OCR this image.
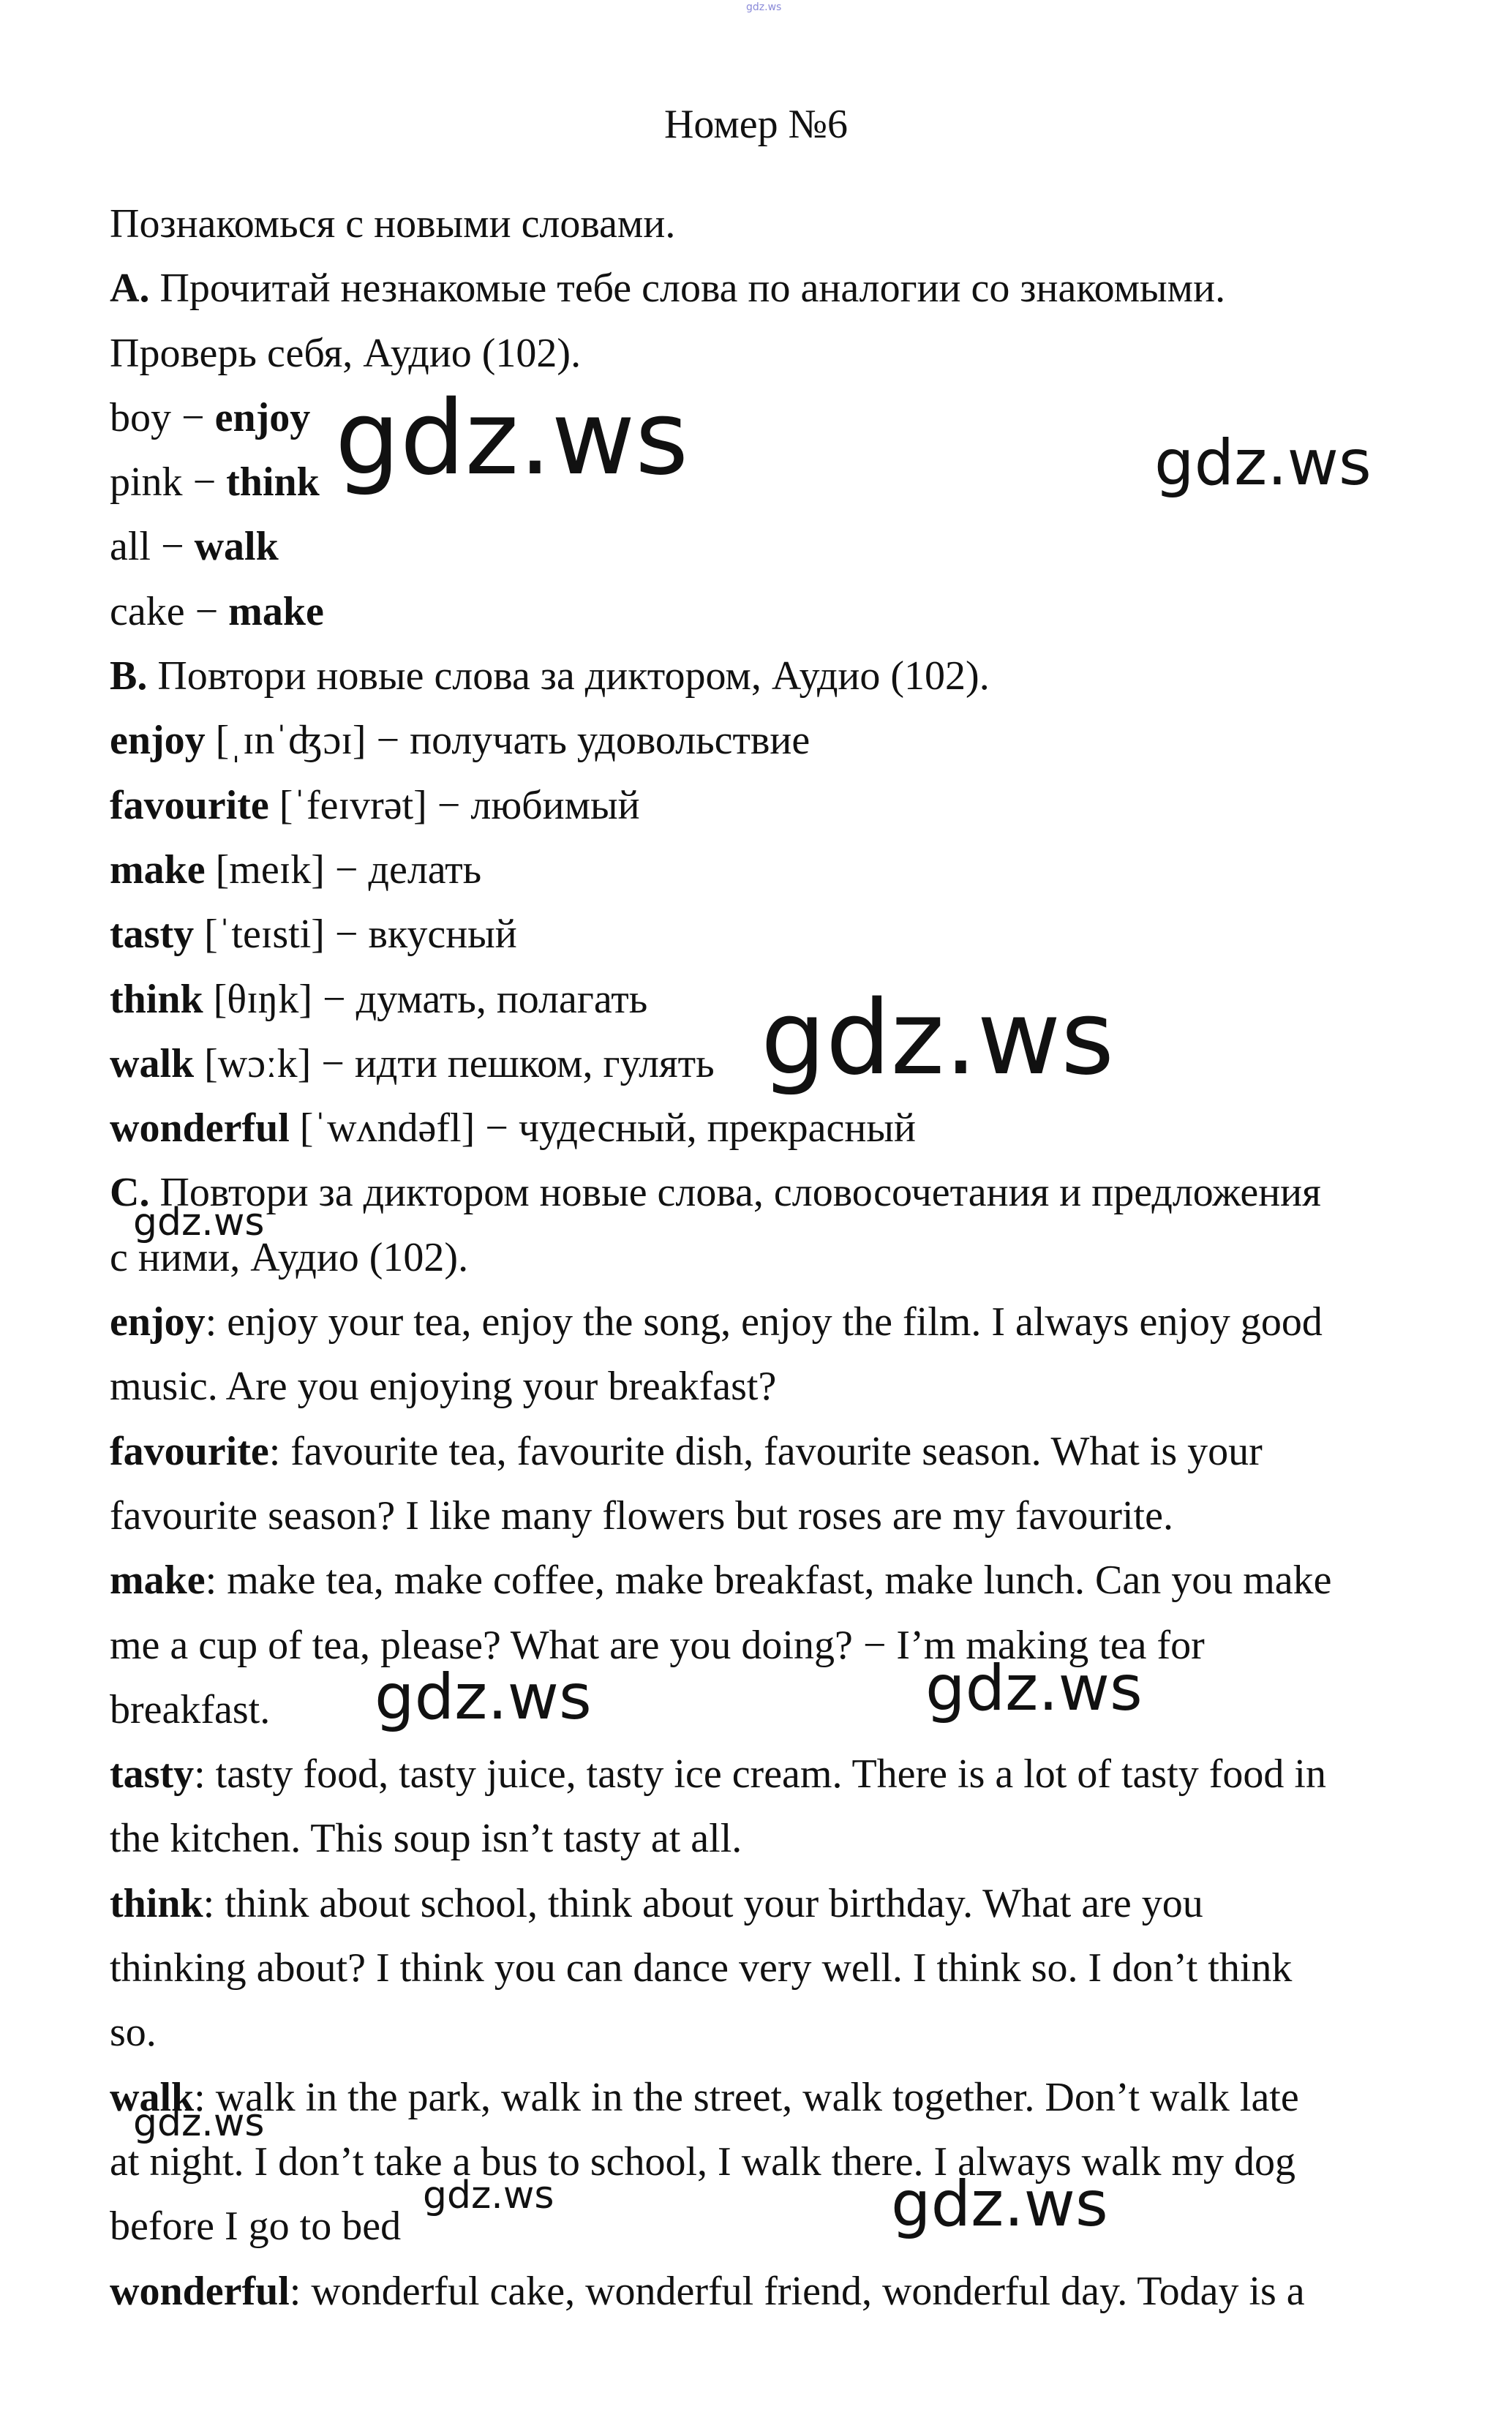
gdz.ws
Номер №6
Познакомься с новыми словами.
A. Прочитай незнакомые тебе слова по аналогии со знакомыми.
Проверь себя, Аудио (102).
boy − enjoy
pink − think
all − walk
cake − make
B. Повтори новые слова за диктором, Аудио (102).
enjoy [ˌɪnˈʤɔɪ] − получать удовольствие
favourite [ˈfeɪvrət] − любимый
make [meɪk] − делать
tasty [ˈteɪsti] − вкусный
think [θɪŋk] − думать, полагать
walk [wɔːk] − идти пешком, гулять
wonderful [ˈwʌndəfl] − чудесный, прекрасный
C. Повтори за диктором новые слова, словосочетания и предложения
с ними, Аудио (102).
enjoy: enjoy your tea, enjoy the song, enjoy the film. I always enjoy good
music. Are you enjoying your breakfast?
favourite: favourite tea, favourite dish, favourite season. What is your
favourite season? I like many flowers but roses are my favourite.
make: make tea, make coffee, make breakfast, make lunch. Can you make
me a cup of tea, please? What are you doing? − I’m making tea for
breakfast.
tasty: tasty food, tasty juice, tasty ice cream. There is a lot of tasty food in
the kitchen. This soup isn’t tasty at all.
think: think about school, think about your birthday. What are you
thinking about? I think you can dance very well. I think so. I don’t think
so.
walk: walk in the park, walk in the street, walk together. Don’t walk late
at night. I don’t take a bus to school, I walk there. I always walk my dog
before I go to bed
wonderful: wonderful cake, wonderful friend, wonderful day. Today is a
gdz.ws	gdz.ws
gdz.ws
gdz.ws
gdz.ws	gdz.ws
gdz.ws
gdz.ws	gdz.ws
